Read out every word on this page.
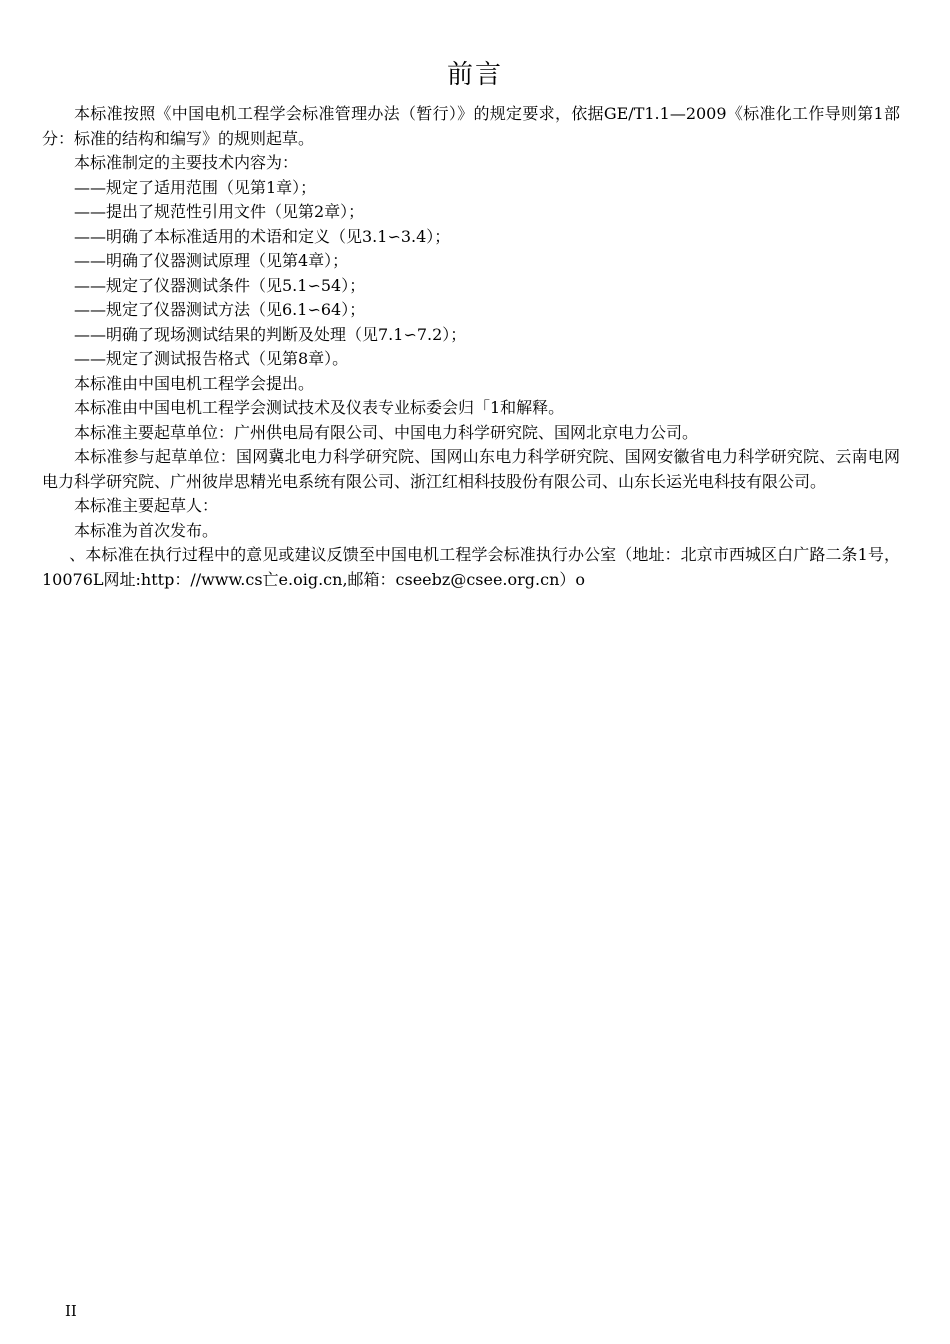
前言

本标准按照《中国电机工程学会标准管理办法（暂行）》的规定要求，依据GE/T1.1—2009《标准化工作导则第1部分：标准的结构和编写》的规则起草。

本标准制定的主要技术内容为：

——规定了适用范围（见第1章）；

——提出了规范性引用文件（见第2章）；

——明确了本标准适用的术语和定义（见3.1∽3.4）；

——明确了仪器测试原理（见第4章）；

——规定了仪器测试条件（见5.1∽54）；

——规定了仪器测试方法（见6.1∽64）；

——明确了现场测试结果的判断及处理（见7.1∽7.2）；

——规定了测试报告格式（见第8章）。

本标准由中国电机工程学会提出。

本标准由中国电机工程学会测试技术及仪表专业标委会归「1和解释。

本标准主要起草单位：广州供电局有限公司、中国电力科学研究院、国网北京电力公司。

本标准参与起草单位：国网冀北电力科学研究院、国网山东电力科学研究院、国网安徽省电力科学研究院、云南电网电力科学研究院、广州彼岸思精光电系统有限公司、浙江红相科技股份有限公司、山东长运光电科技有限公司。

本标准主要起草人：

本标准为首次发布。

、本标准在执行过程中的意见或建议反馈至中国电机工程学会标准执行办公室（地址：北京市西城区白广路二条1号，10076L网址:http：//www.cs亡e.oig.cn,邮箱：cseebz@csee.org.cn）o

II
